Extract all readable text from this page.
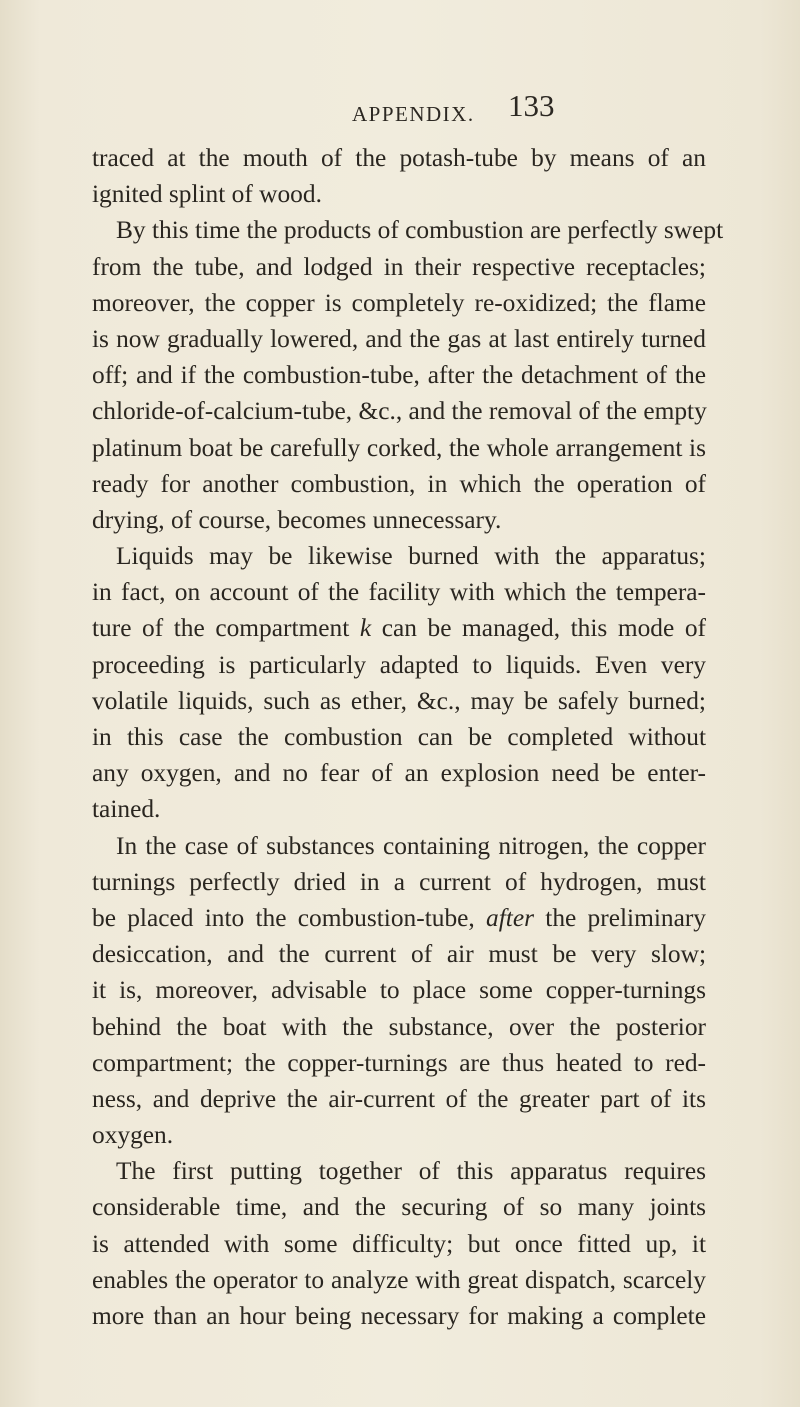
APPENDIX. 133
traced at the mouth of the potash-tube by means of an
ignited splint of wood.
By this time the products of combustion are perfectly swept
from the tube, and lodged in their respective receptacles;
moreover, the copper is completely re-oxidized; the flame
is now gradually lowered, and the gas at last entirely turned
off; and if the combustion-tube, after the detachment of the
chloride-of-calcium-tube, &c., and the removal of the empty
platinum boat be carefully corked, the whole arrangement is
ready for another combustion, in which the operation of
drying, of course, becomes unnecessary.
Liquids may be likewise burned with the apparatus;
in fact, on account of the facility with which the tempera-
ture of the compartment k can be managed, this mode of
proceeding is particularly adapted to liquids. Even very
volatile liquids, such as ether, &c., may be safely burned;
in this case the combustion can be completed without
any oxygen, and no fear of an explosion need be enter-
tained.
In the case of substances containing nitrogen, the copper
turnings perfectly dried in a current of hydrogen, must
be placed into the combustion-tube, after the preliminary
desiccation, and the current of air must be very slow;
it is, moreover, advisable to place some copper-turnings
behind the boat with the substance, over the posterior
compartment; the copper-turnings are thus heated to red-
ness, and deprive the air-current of the greater part of its
oxygen.
The first putting together of this apparatus requires
considerable time, and the securing of so many joints
is attended with some difficulty; but once fitted up, it
enables the operator to analyze with great dispatch, scarcely
more than an hour being necessary for making a complete
